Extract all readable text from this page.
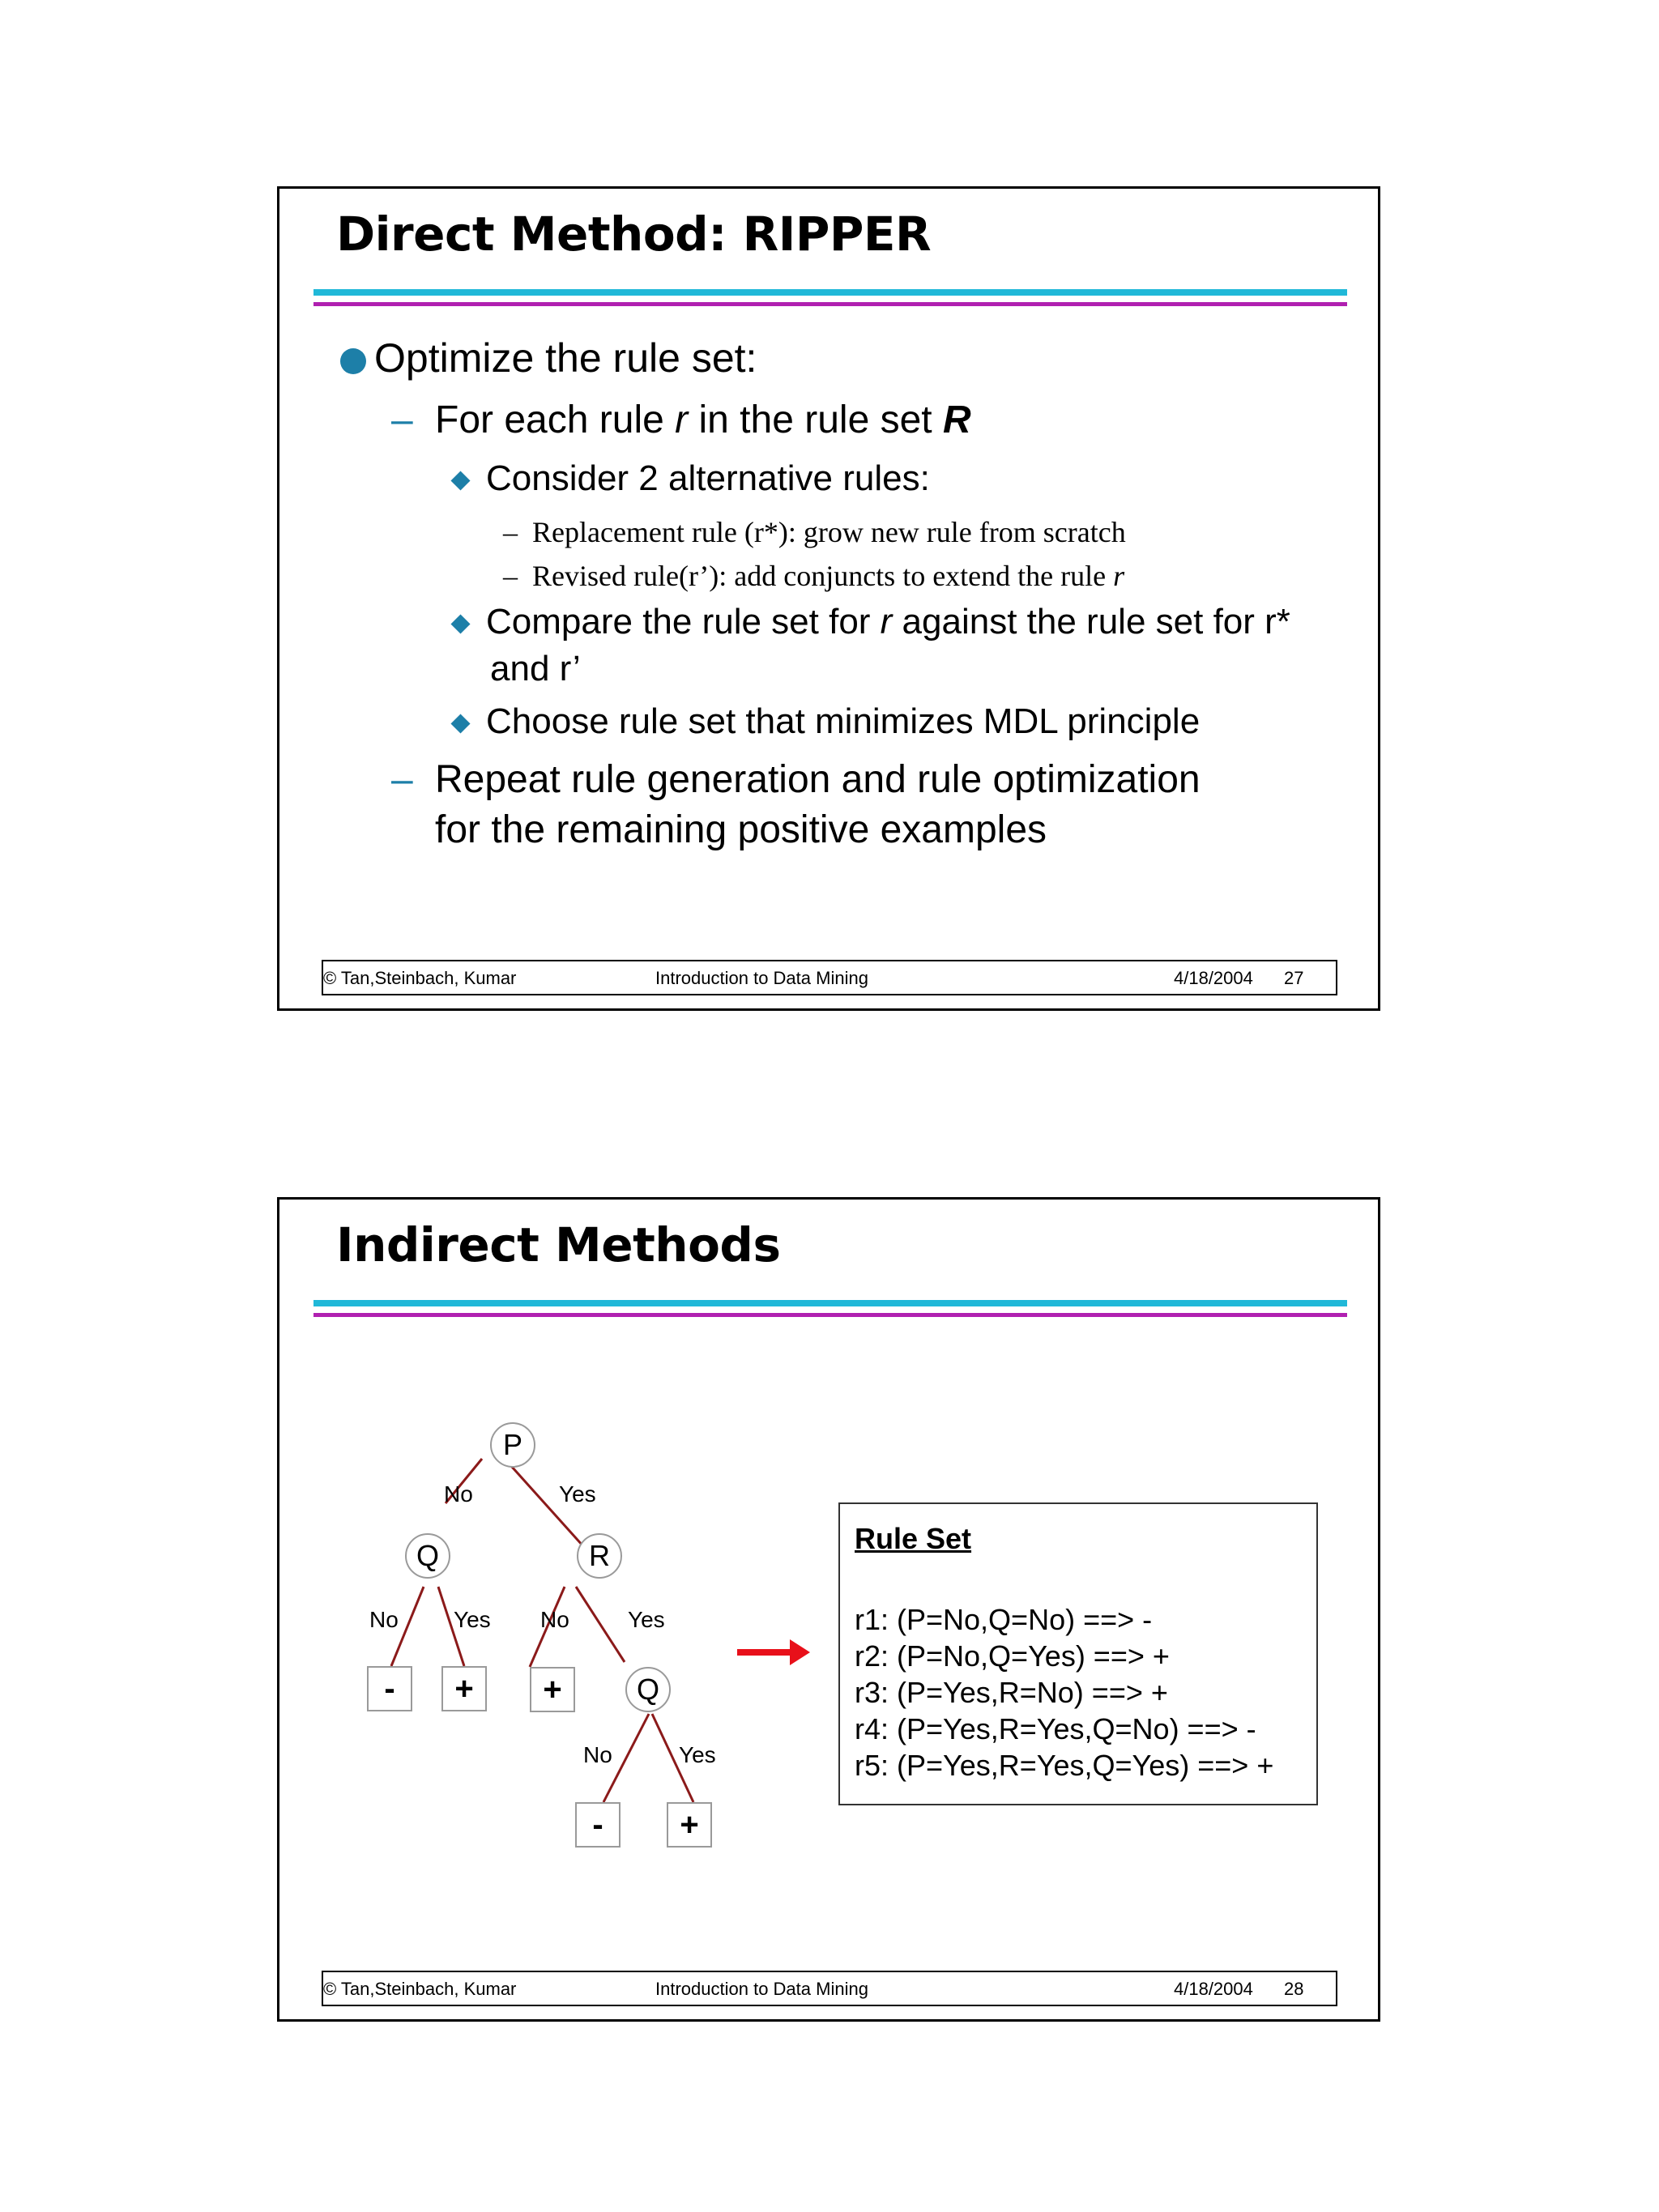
Direct Method: RIPPER
Optimize the rule set:
– For each rule r in the rule set R
Consider 2 alternative rules:
– Replacement rule (r*): grow new rule from scratch
– Revised rule(r’): add conjuncts to extend the rule r
Compare the rule set for r against the rule set for r*
and r’
Choose rule set that minimizes MDL principle
– Repeat rule generation and rule optimization
for the remaining positive examples
© Tan,Steinbach, Kumar	Introduction to Data Mining	4/18/2004 27
Indirect Methods
P
Q	R
Q
-	+	+
-	+
No	Yes
No Yes No	Yes
No	Yes
Rule Set
r1: (P=No,Q=No) ==> -
r2: (P=No,Q=Yes) ==> +
r3: (P=Yes,R=No) ==> +
r4: (P=Yes,R=Yes,Q=No) ==> -
r5: (P=Yes,R=Yes,Q=Yes) ==> +
© Tan,Steinbach, Kumar	Introduction to Data Mining	4/18/2004 28
